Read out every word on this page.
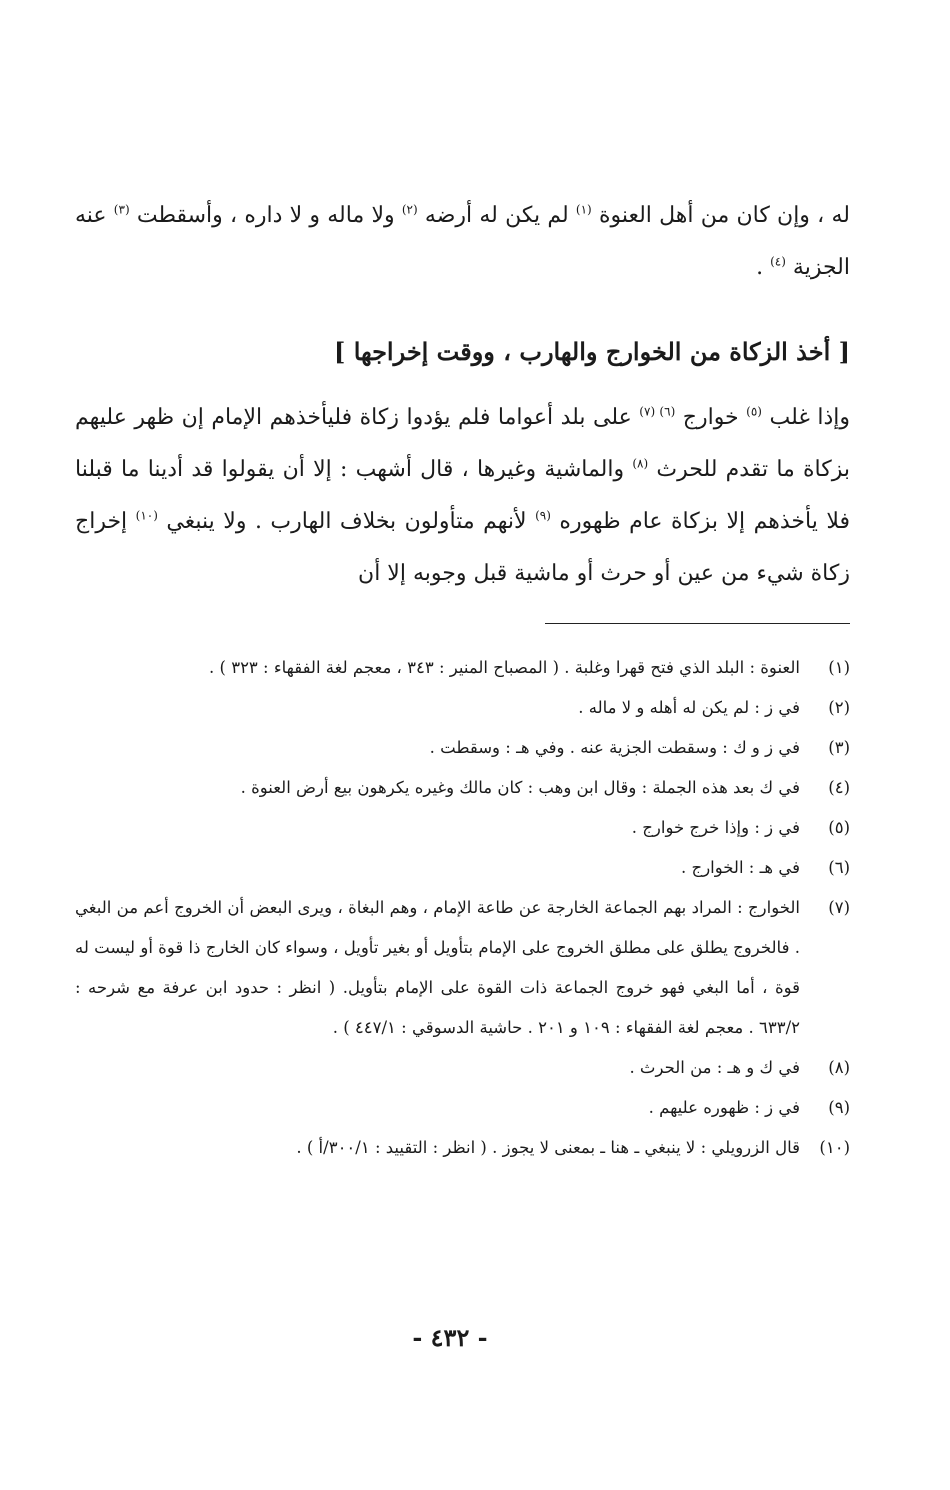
له ، وإن كان من أهل العنوة $^{(١)}$ لم يكن له أرضه $^{(٢)}$ ولا ماله و لا داره ، وأسقطت $^{(٣)}$ عنه الجزية $^{(٤)}$ .

[ أخذ الزكاة من الخوارج والهارب ، ووقت إخراجها ]

وإذا غلب $^{(٥)}$ خوارج $^{(٦) (٧)}$ على بلد أعواما فلم يؤدوا زكاة فليأخذهم الإمام إن ظهر عليهم بزكاة ما تقدم للحرث $^{(٨)}$ والماشية وغيرها ، قال أشهب : إلا أن يقولوا قد أدينا ما قبلنا فلا يأخذهم إلا بزكاة عام ظهوره $^{(٩)}$ لأنهم متأولون بخلاف الهارب . ولا ينبغي $^{(١٠)}$ إخراج زكاة شيء من عين أو حرث أو ماشية قبل وجوبه إلا أن

(١)
العنوة : البلد الذي فتح قهرا وغلبة . ( المصباح المنير : ٣٤٣ ، معجم لغة الفقهاء : ٣٢٣ ) .
(٢)
في ز : لم يكن له أهله و لا ماله .
(٣)
في ز و ك : وسقطت الجزية عنه . وفي هـ : وسقطت .
(٤)
في ك بعد هذه الجملة : وقال ابن وهب : كان مالك وغيره يكرهون بيع أرض العنوة .
(٥)
في ز : وإذا خرج خوارج .
(٦)
في هـ : الخوارج .
(٧)
الخوارج : المراد بهم الجماعة الخارجة عن طاعة الإمام ، وهم البغاة ، ويرى البعض أن الخروج أعم من البغي . فالخروج يطلق على مطلق الخروج على الإمام بتأويل أو بغير تأويل ، وسواء كان الخارج ذا قوة أو ليست له قوة ، أما البغي فهو خروج الجماعة ذات القوة على الإمام بتأويل. ( انظر : حدود ابن عرفة مع شرحه : ٦٣٣/٢ . معجم لغة الفقهاء : ١٠٩ و ٢٠١ . حاشية الدسوقي : ٤٤٧/١ ) .
(٨)
في ك و هـ : من الحرث .
(٩)
في ز : ظهوره عليهم .
(١٠)
قال الزرويلي : لا ينبغي ـ هنا ـ بمعنى لا يجوز . ( انظر : التقييد : ٣٠٠/١/أ ) .
- ٤٣٢ -
